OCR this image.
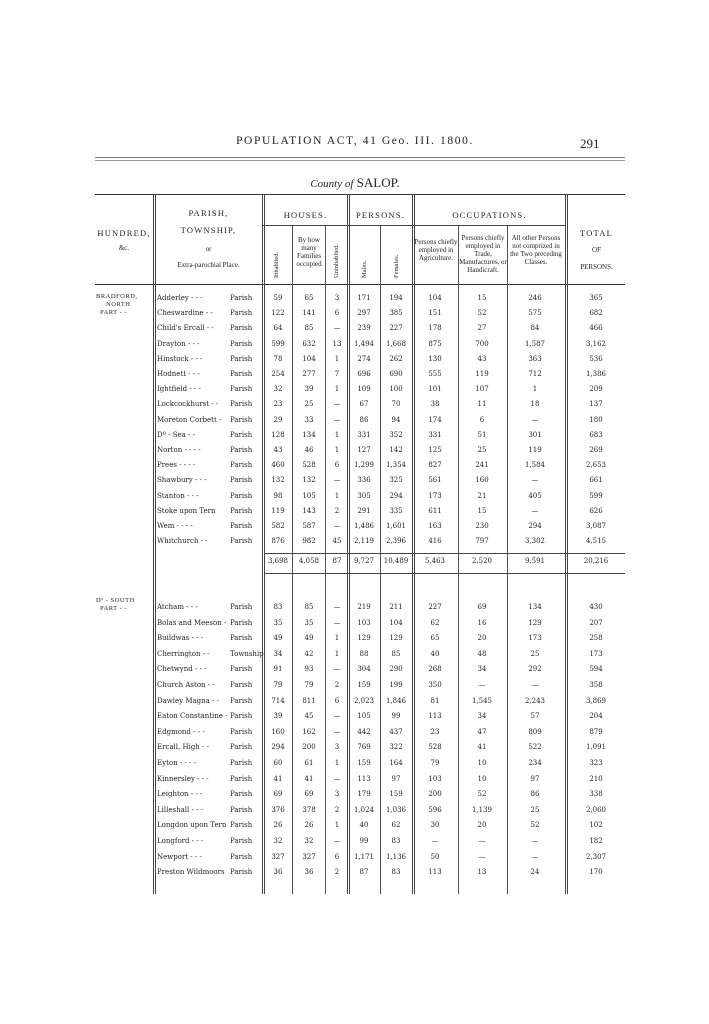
POPULATION ACT, 41 Geo. III. 1800.	291
County of SALOP.
HUNDRED,
&c.
PARISH,
TOWNSHIP,
or
Extra-parochial Place.
HOUSES.
Inhabited.
By how many Families occupied	Uninhabited.
PERSONS.
Males.	Females.
OCCUPATIONS.
Persons chiefly employed in Agriculture.
Persons chiefly employed in Trade, Manufactures, or Handicraft.
All other Persons not comprized in the Two preceding Classes.
TOTAL
OF
PERSONS.
BRADFORD,
NORTH
PART - -
Dº - SOUTH
PART - -
Adderley - - -	Parish	59	65	3	171	194	104	15	246	365
Cheswardine - - Parish	122	141	6	297	385	151	52	575	682
Child's Ercall - - Parish	64	85	—	239	227	178	27	84	466
Drayton - - -	Parish	599	632	13	1,494	1,668	875	700	1,587	3,162
Hinstock - - -	Parish	78	104	1	274	262	130	43	363	536
Hodnett - - -	Parish	254	277	7	696	690	555	119	712	1,386
Ightfield - - -	Parish	32	39	1	109	100	101	107	1	209
Lockcockhurst - - Parish	23	25	—	67	70	38	11	18	137
Moreton Corbett - Parish	29	33	—	86	94	174	6	—	180
Dº - Sea - -	Parish	128	134	1	331	352	331	51	301	683
Norton - - - -	Parish	43	46	1	127	142	125	25	119	269
Prees - - - -	Parish	460	528	6	1,299	1,354	827	241	1,584	2,653
Shawbury - - -	Parish	132	132	—	336	325	561	160	—	661
Stanton - - -	Parish	98	105	1	305	294	173	21	405	599
Stoke upon Tern Parish	119	143	2	291	335	611	15	—	626
Wem - - - -	Parish	582	587	—	1,486	1,601	163	230	294	3,087
Whitchurch - -	Parish	876	982	45	2,119	2,396	416	797	3,302	4,515
Atcham - - -	Parish	83	85	—	219	211	227	69	134	430
Bolas and Meeson - Parish	35	35	—	103	104	62	16	129	207
Buildwas - - -	Parish	49	49	1	129	129	65	20	173	258
Cherrington - -	Township	34	42	1	88	85	40	48	25	173
Chetwynd - - -	Parish	91	93	—	304	290	268	34	292	594
Church Aston - - Parish	79	79	2	159	199	350	—	—	358
Dawley Magna - - Parish	714	811	6	2,023	1,846	81	1,545	2,243	3,869
Eaton Constantine - Parish	39	45	—	105	99	113	34	57	204
Edgmond - - -	Parish	160	162	—	442	437	23	47	809	879
Ercall, High - -	Parish	294	200	3	769	322	528	41	522	1,091
Eyton - - - -	Parish	60	61	1	159	164	79	10	234	323
Kinnersley - - -	Parish	41	41	—	113	97	103	10	97	210
Leighton - - -	Parish	69	69	3	179	159	200	52	86	338
Lilleshall - - -	Parish	376	378	2	1,024	1,036	596	1,139	25	2,060
Longdon upon Tern Parish	26	26	1	40	62	30	20	52	102
Longford - - -	Parish	32	32	—	99	83	—	—	—	182
Newport - - -	Parish	327	327	6	1,171	1,136	50	—	—	2,307
Preston Wildmoors Parish	36	36	2	87	83	113	13	24	170
3,698	4,058	87	9,727	10,489	5,463	2,520	9,591	20,216
